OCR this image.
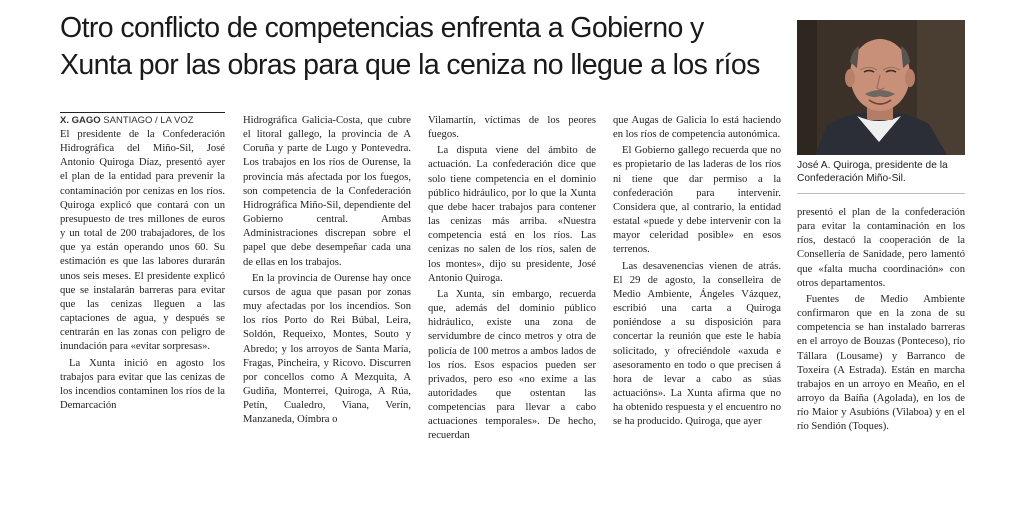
Otro conflicto de competencias enfrenta a Gobierno y
Xunta por las obras para que la ceniza no llegue a los ríos
X. GAGO SANTIAGO / LA VOZ

El presidente de la Confederación Hidrográfica del Miño-Sil, José Antonio Quiroga Díaz, presentó ayer el plan de la entidad para prevenir la contaminación por cenizas en los ríos. Quiroga explicó que contará con un presupuesto de tres millones de euros y un total de 200 trabajadores, de los que ya están operando unos 60. Su estimación es que las labores durarán unos seis meses. El presidente explicó que se instalarán barreras para evitar que las cenizas lleguen a las captaciones de agua, y después se centrarán en las zonas con peligro de inundación para «evitar sorpresas».

La Xunta inició en agosto los trabajos para evitar que las cenizas de los incendios contaminen los ríos de la Demarcación

Hidrográfica Galicia-Costa, que cubre el litoral gallego, la provincia de A Coruña y parte de Lugo y Pontevedra. Los trabajos en los ríos de Ourense, la provincia más afectada por los fuegos, son competencia de la Confederación Hidrográfica Miño-Sil, dependiente del Gobierno central. Ambas Administraciones discrepan sobre el papel que debe desempeñar cada una de ellas en los trabajos.

En la provincia de Ourense hay once cursos de agua que pasan por zonas muy afectadas por los incendios. Son los ríos Porto do Rei Búbal, Leira, Soldón, Requeixo, Montes, Souto y Abredo; y los arroyos de Santa María, Fragas, Pincheira, y Ricovo. Discurren por concellos como A Mezquita, A Gudiña, Monterrei, Quiroga, A Rúa, Petín, Cualedro, Viana, Verín, Manzaneda, Oímbra o

Vilamartín, víctimas de los peores fuegos.

La disputa viene del ámbito de actuación. La confederación dice que solo tiene competencia en el dominio público hidráulico, por lo que la Xunta que debe hacer trabajos para contener las cenizas más arriba. «Nuestra competencia está en los ríos. Las cenizas no salen de los ríos, salen de los montes», dijo su presidente, José Antonio Quiroga.

La Xunta, sin embargo, recuerda que, además del dominio público hidráulico, existe una zona de servidumbre de cinco metros y otra de policía de 100 metros a ambos lados de los ríos. Esos espacios pueden ser privados, pero eso «no exime a las autoridades que ostentan las competencias para llevar a cabo actuaciones temporales». De hecho, recuerdan

que Augas de Galicia lo está haciendo en los ríos de competencia autonómica.

El Gobierno gallego recuerda que no es propietario de las laderas de los ríos ni tiene que dar permiso a la confederación para intervenir. Considera que, al contrario, la entidad estatal «puede y debe intervenir con la mayor celeridad posible» en esos terrenos.

Las desavenencias vienen de atrás. El 29 de agosto, la conselleira de Medio Ambiente, Ángeles Vázquez, escribió una carta a Quiroga poniéndose a su disposición para concertar la reunión que este le había solicitado, y ofreciéndole «axuda e asesoramento en todo o que precisen á hora de levar a cabo as súas actuacións». La Xunta afirma que no ha obtenido respuesta y el encuentro no se ha producido. Quiroga, que ayer

José A. Quiroga, presidente de la Confederación Miño-Sil.

presentó el plan de la confederación para evitar la contaminación en los ríos, destacó la cooperación de la Consellería de Sanidade, pero lamentó que «falta mucha coordinación» con otros departamentos.

Fuentes de Medio Ambiente confirmaron que en la zona de su competencia se han instalado barreras en el arroyo de Bouzas (Ponteceso), río Tállara (Lousame) y Barranco de Toxeira (A Estrada). Están en marcha trabajos en un arroyo en Meaño, en el arroyo da Baíña (Agolada), en los de río Maior y Asubións (Vilaboa) y en el río Sendión (Toques).
